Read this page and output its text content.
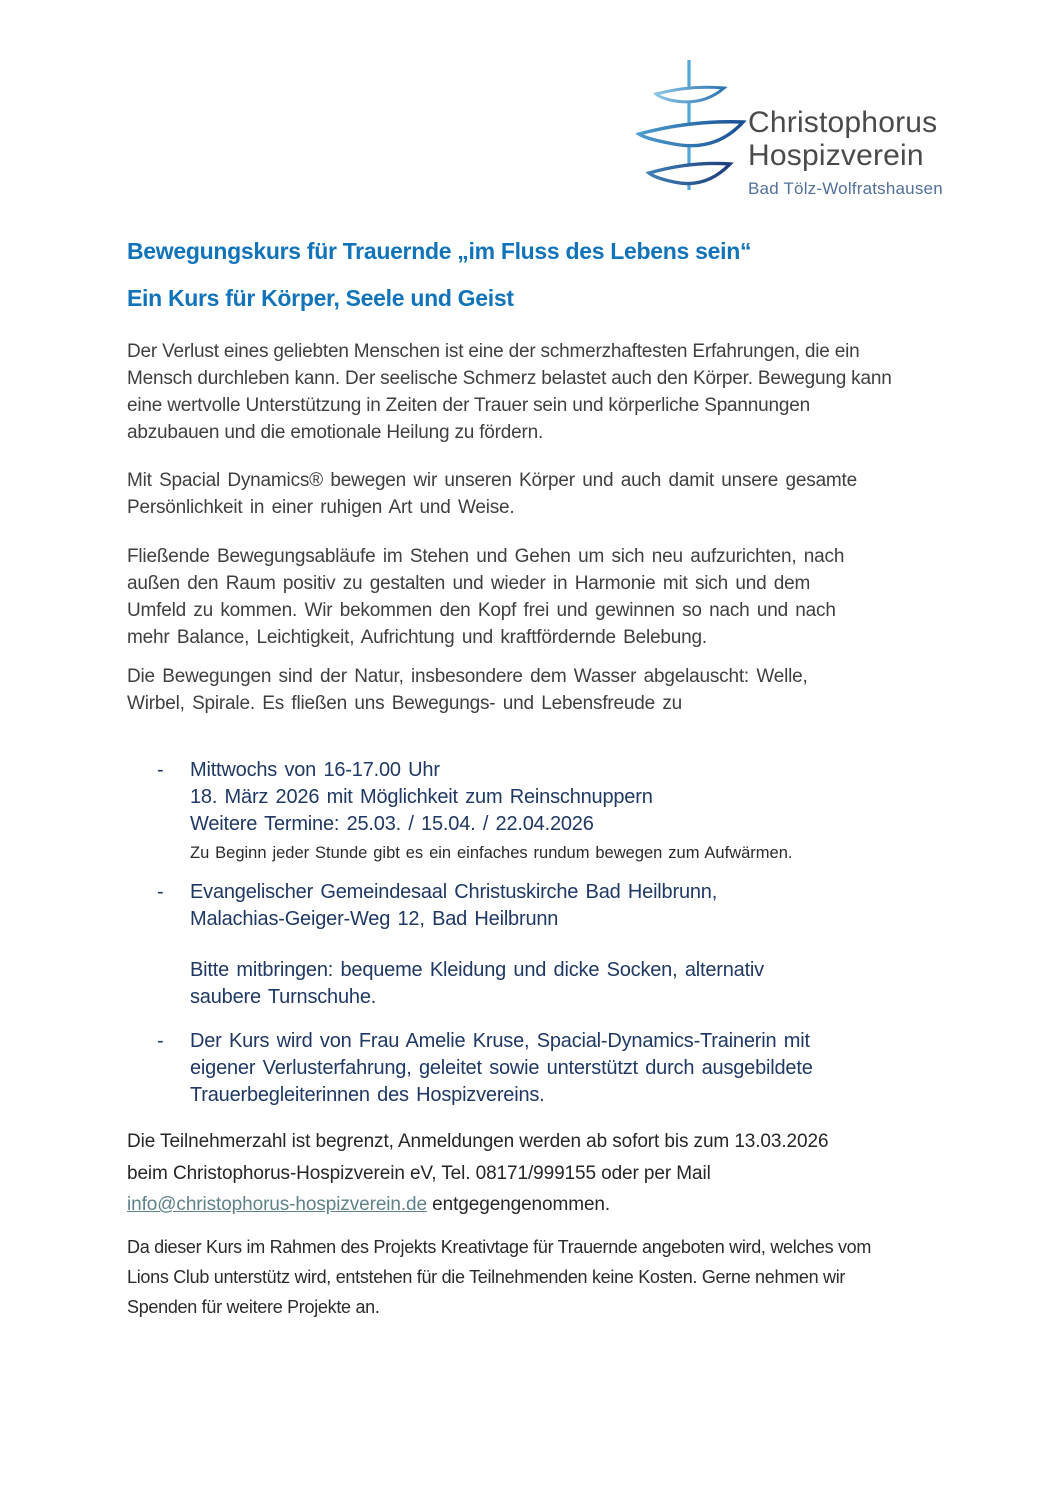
Christophorus
Hospizverein
Bad Tölz-Wolfratshausen
Bewegungskurs für Trauernde „im Fluss des Lebens sein“
Ein Kurs für Körper, Seele und Geist
Der Verlust eines geliebten Menschen ist eine der schmerzhaftesten Erfahrungen, die ein
Mensch durchleben kann. Der seelische Schmerz belastet auch den Körper. Bewegung kann
eine wertvolle Unterstützung in Zeiten der Trauer sein und körperliche Spannungen
abzubauen und die emotionale Heilung zu fördern.
Mit Spacial Dynamics® bewegen wir unseren Körper und auch damit unsere gesamte
Persönlichkeit in einer ruhigen Art und Weise.
Fließende Bewegungsabläufe im Stehen und Gehen um sich neu aufzurichten, nach
außen den Raum positiv zu gestalten und wieder in Harmonie mit sich und dem
Umfeld zu kommen. Wir bekommen den Kopf frei und gewinnen so nach und nach
mehr Balance, Leichtigkeit, Aufrichtung und kraftfördernde Belebung.
Die Bewegungen sind der Natur, insbesondere dem Wasser abgelauscht: Welle,
Wirbel, Spirale. Es fließen uns Bewegungs- und Lebensfreude zu
- Mittwochs von 16-17.00 Uhr
18. März 2026 mit Möglichkeit zum Reinschnuppern
Weitere Termine: 25.03. / 15.04. / 22.04.2026
Zu Beginn jeder Stunde gibt es ein einfaches rundum bewegen zum Aufwärmen.
- Evangelischer Gemeindesaal Christuskirche Bad Heilbrunn,
Malachias-Geiger-Weg 12, Bad Heilbrunn
Bitte mitbringen: bequeme Kleidung und dicke Socken, alternativ
saubere Turnschuhe.
- Der Kurs wird von Frau Amelie Kruse, Spacial-Dynamics-Trainerin mit
eigener Verlusterfahrung, geleitet sowie unterstützt durch ausgebildete
Trauerbegleiterinnen des Hospizvereins.
Die Teilnehmerzahl ist begrenzt, Anmeldungen werden ab sofort bis zum 13.03.2026
beim Christophorus-Hospizverein eV, Tel. 08171/999155 oder per Mail
info@christophorus-hospizverein.de entgegengenommen.
Da dieser Kurs im Rahmen des Projekts Kreativtage für Trauernde angeboten wird, welches vom
Lions Club unterstütz wird, entstehen für die Teilnehmenden keine Kosten. Gerne nehmen wir
Spenden für weitere Projekte an.
